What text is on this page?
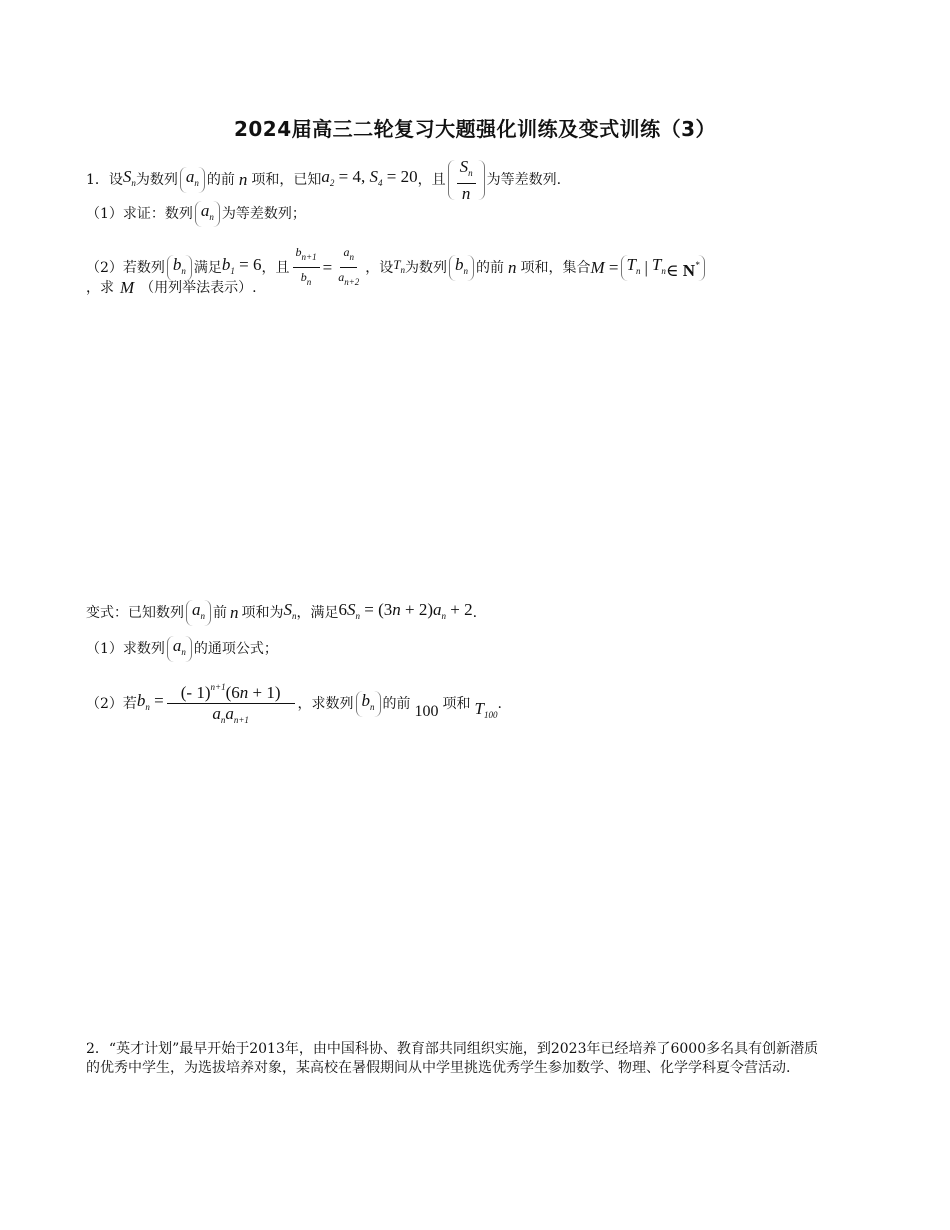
2024届高三二轮复习大题强化训练及变式训练（3）
1． 设 $S_n$ 为数列 $a_n$ 的前 n 项和，已知 $a_2 = 4$, $S_4 = 20$ ，且 $\frac{S_n}{n}$ 为等差数列.
（1）求证：数列 $a_n$ 为等差数列；
（2）若数列 $b_n$ 满足 $b_1 = 6$ ，且 $\frac{b_{n+1}}{b_n} = \frac{a_n}{a_{n+2}}$ ，设 $T_n$ 为数列 $b_n$ 的前 n 项和，集合 $M = T_n$ | $T_n$ ∈ N*
，求 M （用列举法表示）.
变式：已知数列 $a_n$ 前 n 项和为 $S_n$ ，满足 $6S_n = (3n + 2)a_n + 2$ .
（1）求数列 $a_n$ 的通项公式；
（2）若 $b_n = \frac{(- 1)^{n+1}(6n + 1)}{a_na_{n+1}}$ ，求数列 $b_n$ 的前 100 项和 $T_{100}$
.
2．“英才计划”最早开始于2013年，由中国科协、教育部共同组织实施，到2023年已经培养了6000多名具有创新潜质的优秀中学生，为选拔培养对象，某高校在暑假期间从中学里挑选优秀学生参加数学、物理、化学学科夏令营活动.
